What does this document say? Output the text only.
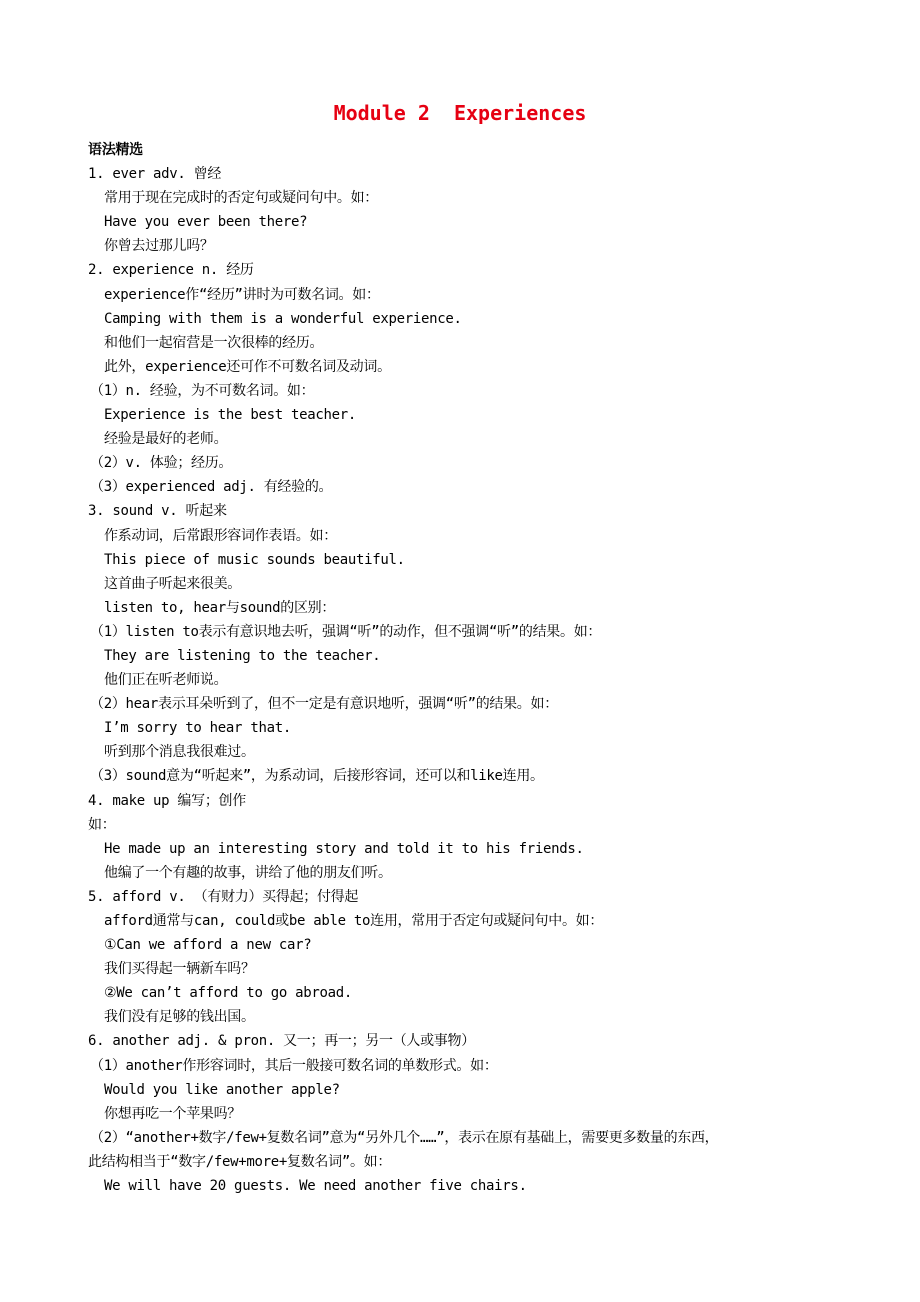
Module 2  Experiences
语法精选
1. ever adv. 曾经
常用于现在完成时的否定句或疑问句中。如：
Have you ever been there?
你曾去过那儿吗？
2. experience n. 经历
experience作“经历”讲时为可数名词。如：
Camping with them is a wonderful experience.
和他们一起宿营是一次很棒的经历。
此外，experience还可作不可数名词及动词。
（1）n. 经验，为不可数名词。如：
Experience is the best teacher.
经验是最好的老师。
（2）v. 体验；经历。
（3）experienced adj. 有经验的。
3. sound v. 听起来
作系动词，后常跟形容词作表语。如：
This piece of music sounds beautiful.
这首曲子听起来很美。
listen to, hear与sound的区别：
（1）listen to表示有意识地去听，强调“听”的动作，但不强调“听”的结果。如：
They are listening to the teacher.
他们正在听老师说。
（2）hear表示耳朵听到了，但不一定是有意识地听，强调“听”的结果。如：
I’m sorry to hear that.
听到那个消息我很难过。
（3）sound意为“听起来”，为系动词，后接形容词，还可以和like连用。
4. make up 编写；创作
如：
He made up an interesting story and told it to his friends.
他编了一个有趣的故事，讲给了他的朋友们听。
5. afford v. （有财力）买得起；付得起
afford通常与can, could或be able to连用，常用于否定句或疑问句中。如：
①Can we afford a new car?
我们买得起一辆新车吗？
②We can’t afford to go abroad.
我们没有足够的钱出国。
6. another adj. & pron. 又一；再一；另一（人或事物）
（1）another作形容词时，其后一般接可数名词的单数形式。如：
Would you like another apple?
你想再吃一个苹果吗？
（2）“another+数字/few+复数名词”意为“另外几个……”，表示在原有基础上，需要更多数量的东西，
此结构相当于“数字/few+more+复数名词”。如：
We will have 20 guests. We need another five chairs.
